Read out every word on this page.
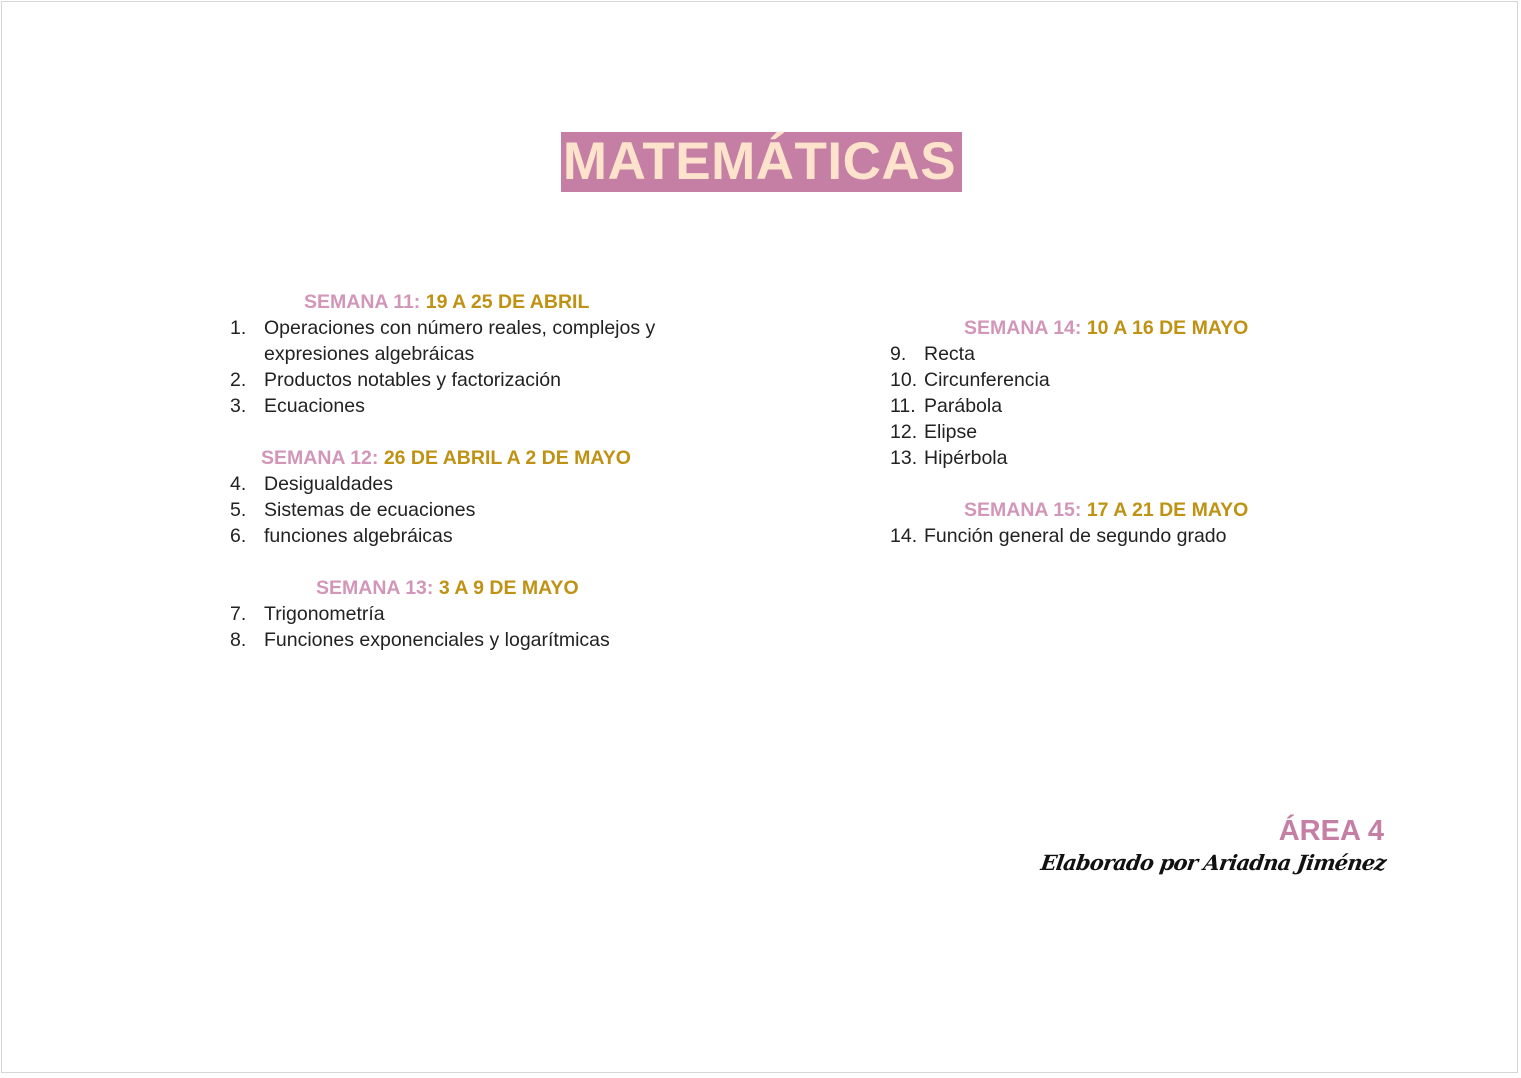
MATEMÁTICAS
SEMANA 11: 19 A 25 DE ABRIL
1. Operaciones con número reales, complejos y expresiones algebráicas
2. Productos notables y factorización
3. Ecuaciones
SEMANA 12: 26 DE ABRIL A 2 DE MAYO
4. Desigualdades
5. Sistemas de ecuaciones
6. funciones algebráicas
SEMANA 13: 3 A 9 DE MAYO
7. Trigonometría
8. Funciones exponenciales y logarítmicas
SEMANA 14: 10 A 16 DE MAYO
9. Recta
10. Circunferencia
11. Parábola
12. Elipse
13. Hipérbola
SEMANA 15: 17 A 21 DE MAYO
14. Función general de segundo grado
ÁREA 4
Elaborado por Ariadna Jiménez
